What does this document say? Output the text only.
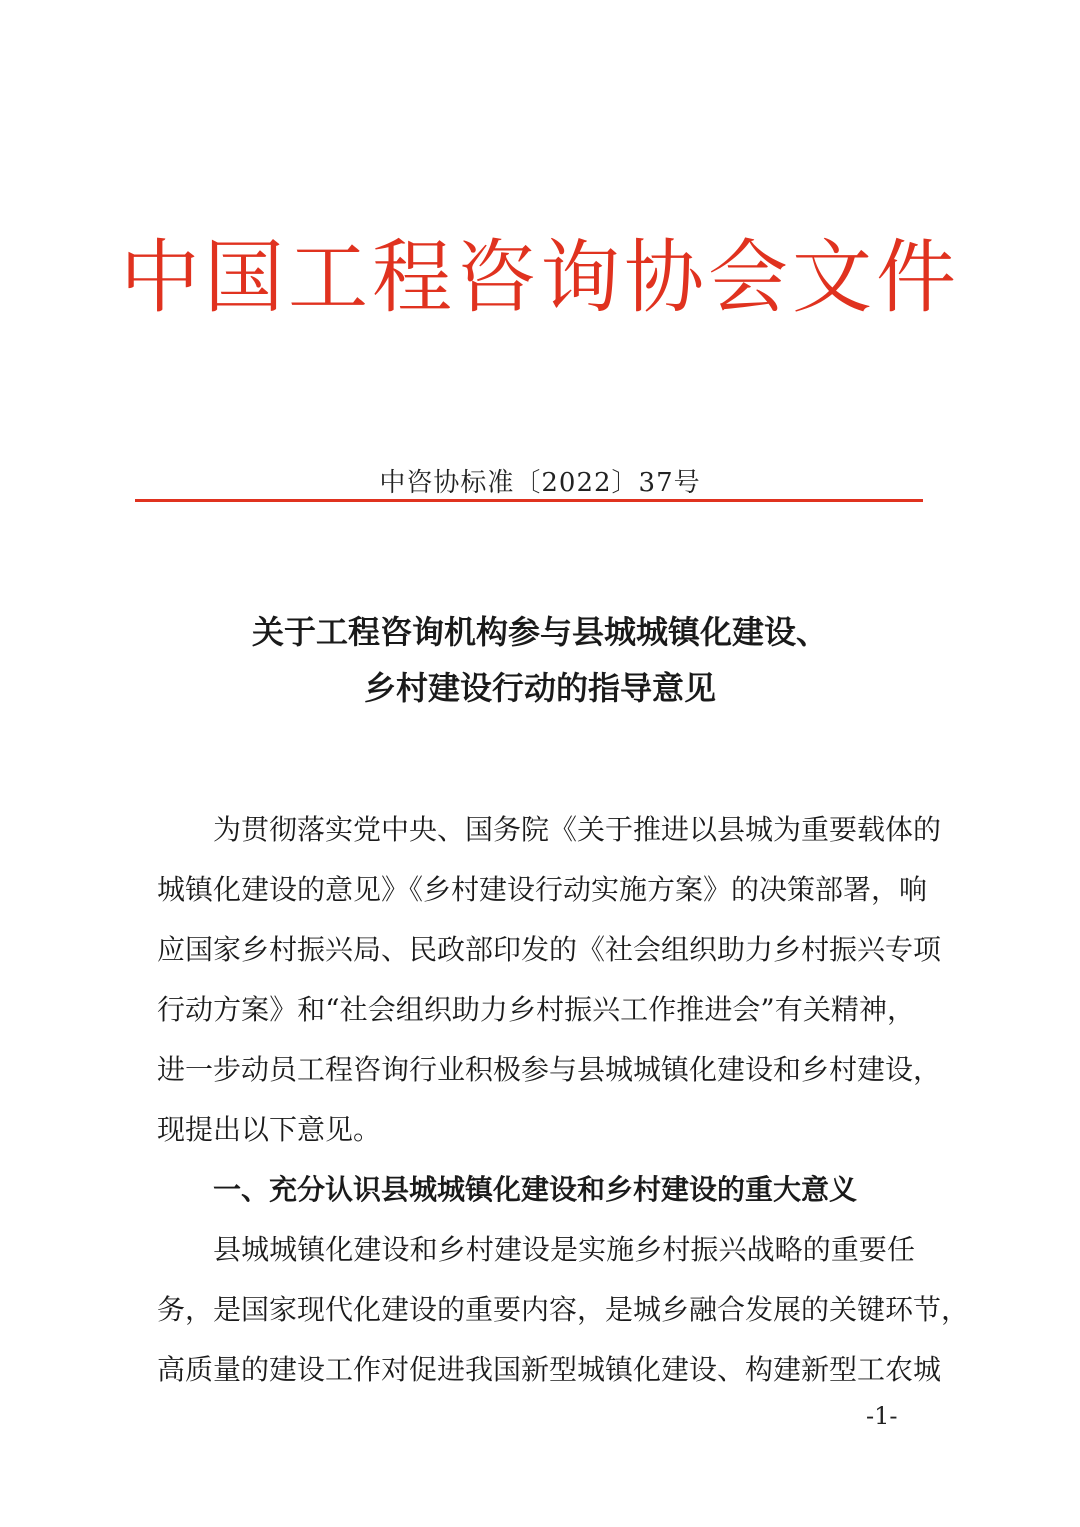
中国工程咨询协会文件
中咨协标准〔2022〕37号
关于工程咨询机构参与县城城镇化建设、
乡村建设行动的指导意见
为贯彻落实党中央、国务院《关于推进以县城为重要载体的
城镇化建设的意见》《乡村建设行动实施方案》的决策部署，响
应国家乡村振兴局、民政部印发的《社会组织助力乡村振兴专项
行动方案》和“社会组织助力乡村振兴工作推进会”有关精神，
进一步动员工程咨询行业积极参与县城城镇化建设和乡村建设，
现提出以下意见。
一、充分认识县城城镇化建设和乡村建设的重大意义
县城城镇化建设和乡村建设是实施乡村振兴战略的重要任
务，是国家现代化建设的重要内容，是城乡融合发展的关键环节，
高质量的建设工作对促进我国新型城镇化建设、构建新型工农城
-1-
